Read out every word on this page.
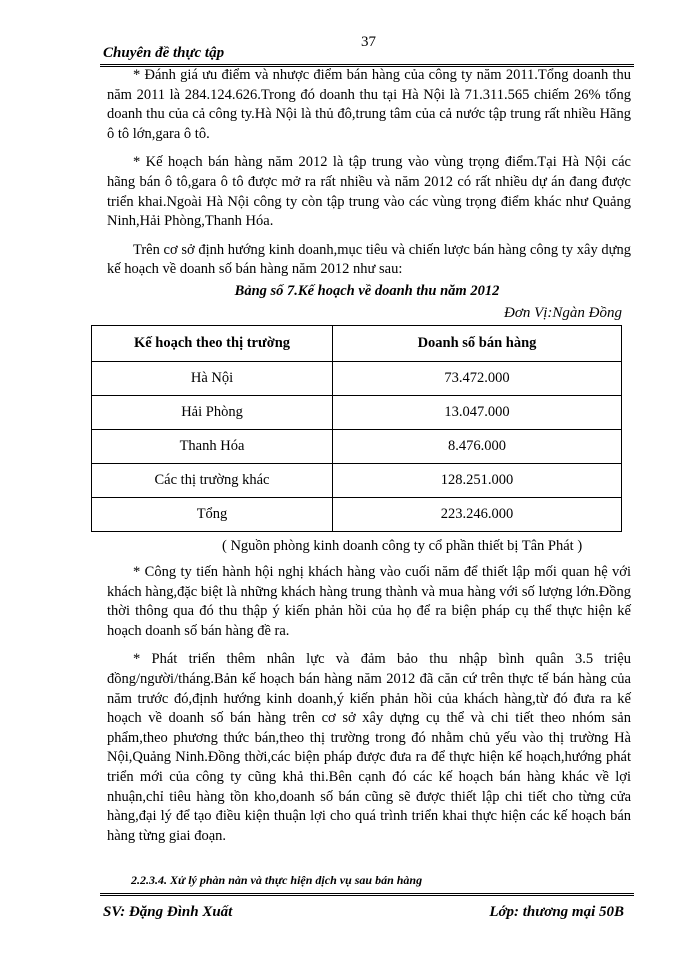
37
Chuyên đề thực tập

* Đánh giá ưu điểm và nhược điểm bán hàng của công ty năm 2011.Tổng doanh thu năm 2011 là 284.124.626.Trong đó doanh thu tại Hà Nội là 71.311.565 chiếm 26% tổng doanh thu của cả công ty.Hà Nội là thủ đô,trung tâm của cả nước tập trung rất nhiều Hãng ô tô lớn,gara ô tô.

* Kế hoạch bán hàng năm 2012 là tập trung vào vùng trọng điểm.Tại Hà Nội các hãng bán ô tô,gara ô tô được mở ra rất nhiều và năm 2012 có rất nhiều dự án đang được triển khai.Ngoài Hà Nội công ty còn tập trung vào các vùng trọng điểm khác như Quảng Ninh,Hải Phòng,Thanh Hóa.

Trên cơ sở định hướng kinh doanh,mục tiêu và chiến lược bán hàng công ty xây dựng kế hoạch về doanh số bán hàng năm 2012 như sau:

Bảng số 7.Kế hoạch về doanh thu năm 2012
Đơn Vị:Ngàn Đồng
Kế hoạch theo thị trường	Doanh số bán hàng
Hà Nội	73.472.000
Hải Phòng	13.047.000
Thanh Hóa	8.476.000
Các thị trường khác	128.251.000
Tổng	223.246.000
( Nguồn phòng kinh doanh công ty cổ phần thiết bị Tân Phát )

* Công ty tiến hành hội nghị khách hàng vào cuối năm để thiết lập mối quan hệ với khách hàng,đặc biệt là những khách hàng trung thành và mua hàng với số lượng lớn.Đồng thời thông qua đó thu thập ý kiến phản hồi của họ để ra biện pháp cụ thể thực hiện kế hoạch doanh số bán hàng đề ra.

* Phát triển thêm nhân lực và đảm bảo thu nhập bình quân 3.5 triệu đồng/người/tháng.Bản kế hoạch bán hàng năm 2012 đã căn cứ trên thực tế bán hàng của năm trước đó,định hướng kinh doanh,ý kiến phản hồi của khách hàng,từ đó đưa ra kế hoạch về doanh số bán hàng trên cơ sở xây dựng cụ thể và chi tiết theo nhóm sản phẩm,theo phương thức bán,theo thị trường trong đó nhằm chủ yếu vào thị trường Hà Nội,Quảng Ninh.Đồng thời,các biện pháp được đưa ra để thực hiện kế hoạch,hướng phát triển mới của công ty cũng khả thi.Bên cạnh đó các kế hoạch bán hàng khác về lợi nhuận,chỉ tiêu hàng tồn kho,doanh số bán cũng sẽ được thiết lập chi tiết cho từng cửa hàng,đại lý để tạo điều kiện thuận lợi cho quá trình triển khai thực hiện các kế hoạch bán hàng từng giai đoạn.

2.2.3.4. Xử lý phàn nàn và thực hiện dịch vụ sau bán hàng
SV: Đặng Đình Xuất	Lớp: thương mại 50B
